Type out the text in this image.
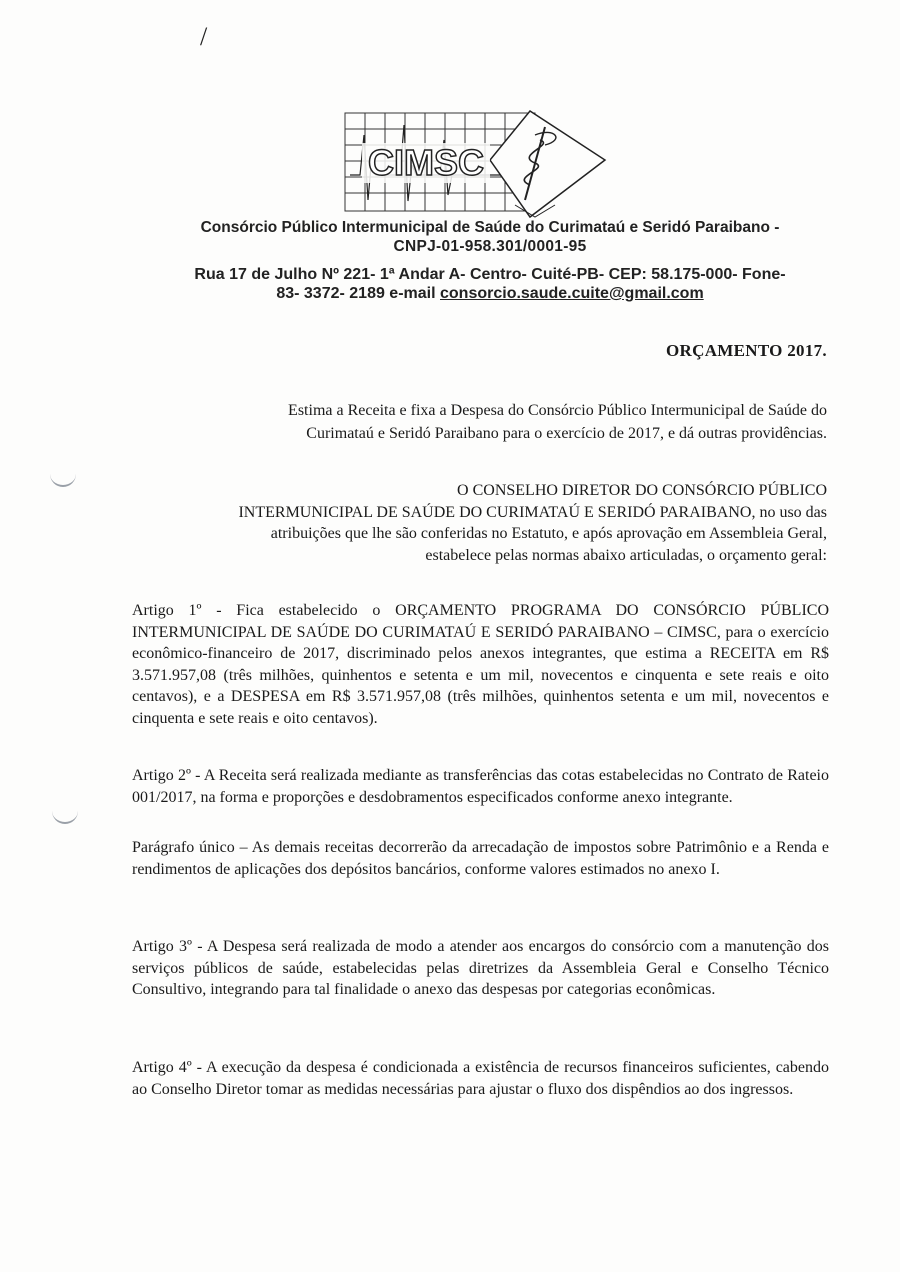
/
CIMSC
Consórcio Público Intermunicipal de Saúde do Curimataú e Seridó Paraibano -
CNPJ-01-958.301/0001-95
Rua 17 de Julho Nº 221- 1ª Andar A- Centro- Cuité-PB- CEP: 58.175-000- Fone-
83- 3372- 2189 e-mail consorcio.saude.cuite@gmail.com
ORÇAMENTO 2017.
Estima a Receita e fixa a Despesa do Consórcio Público Intermunicipal de Saúde do
Curimataú e Seridó Paraibano para o exercício de 2017, e dá outras providências.
O CONSELHO DIRETOR DO CONSÓRCIO PÚBLICO
INTERMUNICIPAL DE SAÚDE DO CURIMATAÚ E SERIDÓ PARAIBANO, no uso das
atribuições que lhe são conferidas no Estatuto, e após aprovação em Assembleia Geral,
estabelece pelas normas abaixo articuladas, o orçamento geral:

Artigo 1º - Fica estabelecido o ORÇAMENTO PROGRAMA DO CONSÓRCIO PÚBLICO INTERMUNICIPAL DE SAÚDE DO CURIMATAÚ E SERIDÓ PARAIBANO – CIMSC, para o exercício econômico-financeiro de 2017, discriminado pelos anexos integrantes, que estima a RECEITA em R$ 3.571.957,08 (três milhões, quinhentos e setenta e um mil, novecentos e cinquenta e sete reais e oito centavos), e a DESPESA em R$ 3.571.957,08 (três milhões, quinhentos setenta e um mil, novecentos e cinquenta e sete reais e oito centavos).

Artigo 2º - A Receita será realizada mediante as transferências das cotas estabelecidas no Contrato de Rateio 001/2017, na forma e proporções e desdobramentos especificados conforme anexo integrante.

Parágrafo único – As demais receitas decorrerão da arrecadação de impostos sobre Patrimônio e a Renda e rendimentos de aplicações dos depósitos bancários, conforme valores estimados no anexo I.

Artigo 3º - A Despesa será realizada de modo a atender aos encargos do consórcio com a manutenção dos serviços públicos de saúde, estabelecidas pelas diretrizes da Assembleia Geral e Conselho Técnico Consultivo, integrando para tal finalidade o anexo das despesas por categorias econômicas.

Artigo 4º - A execução da despesa é condicionada a existência de recursos financeiros suficientes, cabendo ao Conselho Diretor tomar as medidas necessárias para ajustar o fluxo dos dispêndios ao dos ingressos.
